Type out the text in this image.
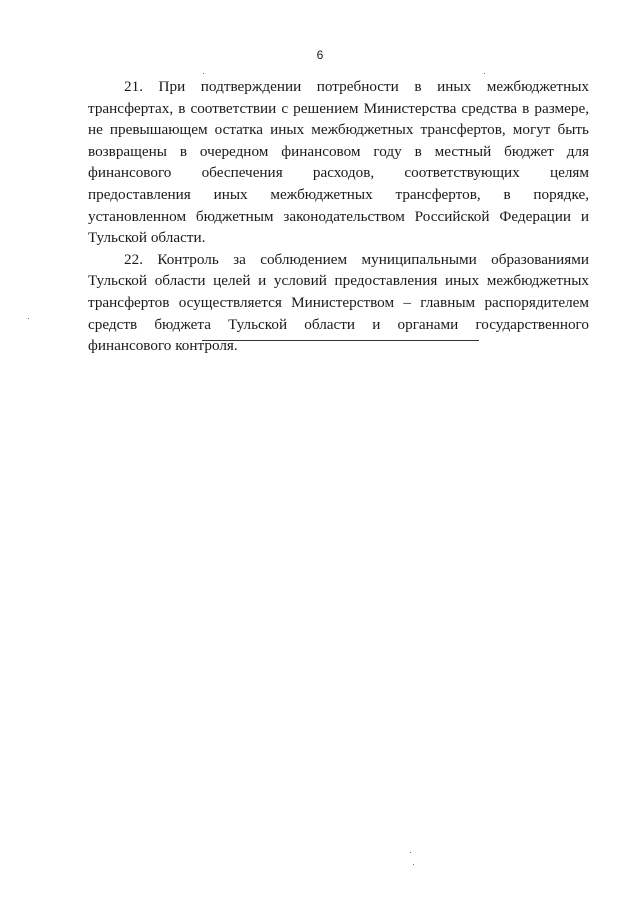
6

21. При подтверждении потребности в иных межбюджетных трансфертах, в соответствии с решением Министерства средства в размере, не превышающем остатка иных межбюджетных трансфертов, могут быть возвращены в очередном финансовом году в местный бюджет для финансового обеспечения расходов, соответствующих целям предоставления иных межбюджетных трансфертов, в порядке, установленном бюджетным законодательством Российской Федерации и Тульской области.

22. Контроль за соблюдением муниципальными образованиями Тульской области целей и условий предоставления иных межбюджетных трансфертов осуществляется Министерством – главным распорядителем средств бюджета Тульской области и органами государственного финансового контроля.
